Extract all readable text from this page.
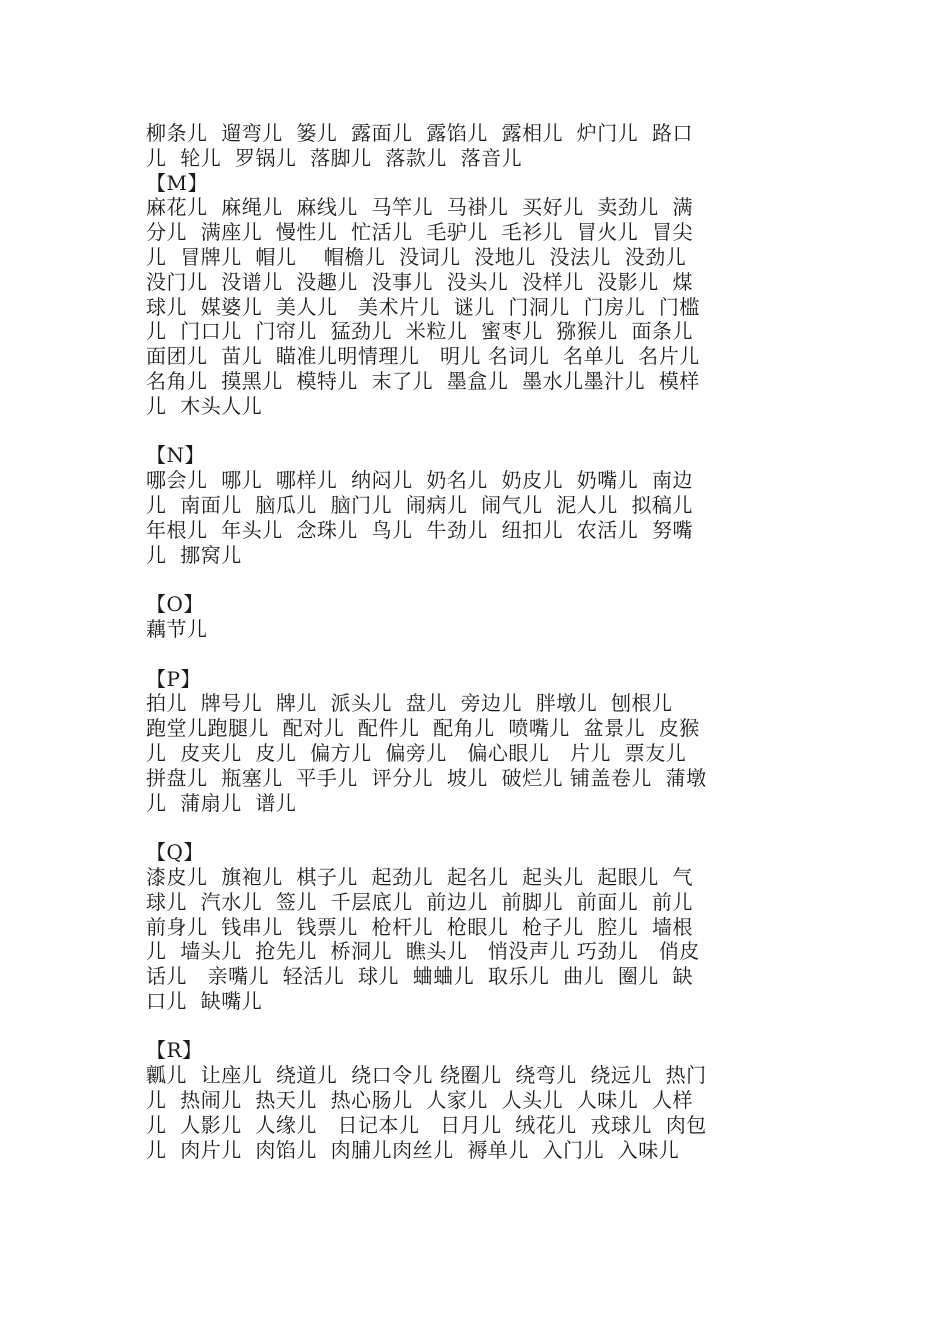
柳条儿  遛弯儿  篓儿  露面儿  露馅儿  露相儿  炉门儿  路口
儿  轮儿  罗锅儿  落脚儿  落款儿  落音儿
【M】
麻花儿  麻绳儿  麻线儿  马竿儿  马褂儿  买好儿  卖劲儿  满
分儿  满座儿  慢性儿  忙活儿  毛驴儿  毛衫儿  冒火儿  冒尖
儿  冒牌儿  帽儿    帽檐儿  没词儿  没地儿  没法儿  没劲儿
没门儿  没谱儿  没趣儿  没事儿  没头儿  没样儿  没影儿  煤
球儿  媒婆儿  美人儿   美术片儿  谜儿  门洞儿  门房儿  门槛
儿  门口儿  门帘儿  猛劲儿  米粒儿  蜜枣儿  猕猴儿  面条儿
面团儿  苗儿  瞄准儿明情理儿   明儿 名词儿  名单儿  名片儿
名角儿  摸黑儿  模特儿  末了儿  墨盒儿  墨水儿墨汁儿  模样
儿  木头人儿
【N】
哪会儿  哪儿  哪样儿  纳闷儿  奶名儿  奶皮儿  奶嘴儿  南边
儿  南面儿  脑瓜儿  脑门儿  闹病儿  闹气儿  泥人儿  拟稿儿
年根儿  年头儿  念珠儿  鸟儿  牛劲儿  纽扣儿  农活儿  努嘴
儿  挪窝儿
【O】
藕节儿
【P】
拍儿  牌号儿  牌儿  派头儿  盘儿  旁边儿  胖墩儿  刨根儿
跑堂儿跑腿儿  配对儿  配件儿  配角儿  喷嘴儿  盆景儿  皮猴
儿  皮夹儿  皮儿  偏方儿  偏旁儿   偏心眼儿   片儿  票友儿
拼盘儿  瓶塞儿  平手儿  评分儿  坡儿  破烂儿 铺盖卷儿  蒲墩
儿  蒲扇儿  谱儿
【Q】
漆皮儿  旗袍儿  棋子儿  起劲儿  起名儿  起头儿  起眼儿  气
球儿  汽水儿  签儿  千层底儿  前边儿  前脚儿  前面儿  前儿
前身儿  钱串儿  钱票儿  枪杆儿  枪眼儿  枪子儿  腔儿  墙根
儿  墙头儿  抢先儿  桥洞儿  瞧头儿   悄没声儿 巧劲儿   俏皮
话儿   亲嘴儿  轻活儿  球儿  蛐蛐儿  取乐儿  曲儿  圈儿  缺
口儿  缺嘴儿
【R】
瓤儿  让座儿  绕道儿  绕口令儿 绕圈儿  绕弯儿  绕远儿  热门
儿  热闹儿  热天儿  热心肠儿  人家儿  人头儿  人味儿  人样
儿  人影儿  人缘儿   日记本儿   日月儿  绒花儿  戎球儿  肉包
儿  肉片儿  肉馅儿  肉脯儿肉丝儿  褥单儿  入门儿  入味儿
